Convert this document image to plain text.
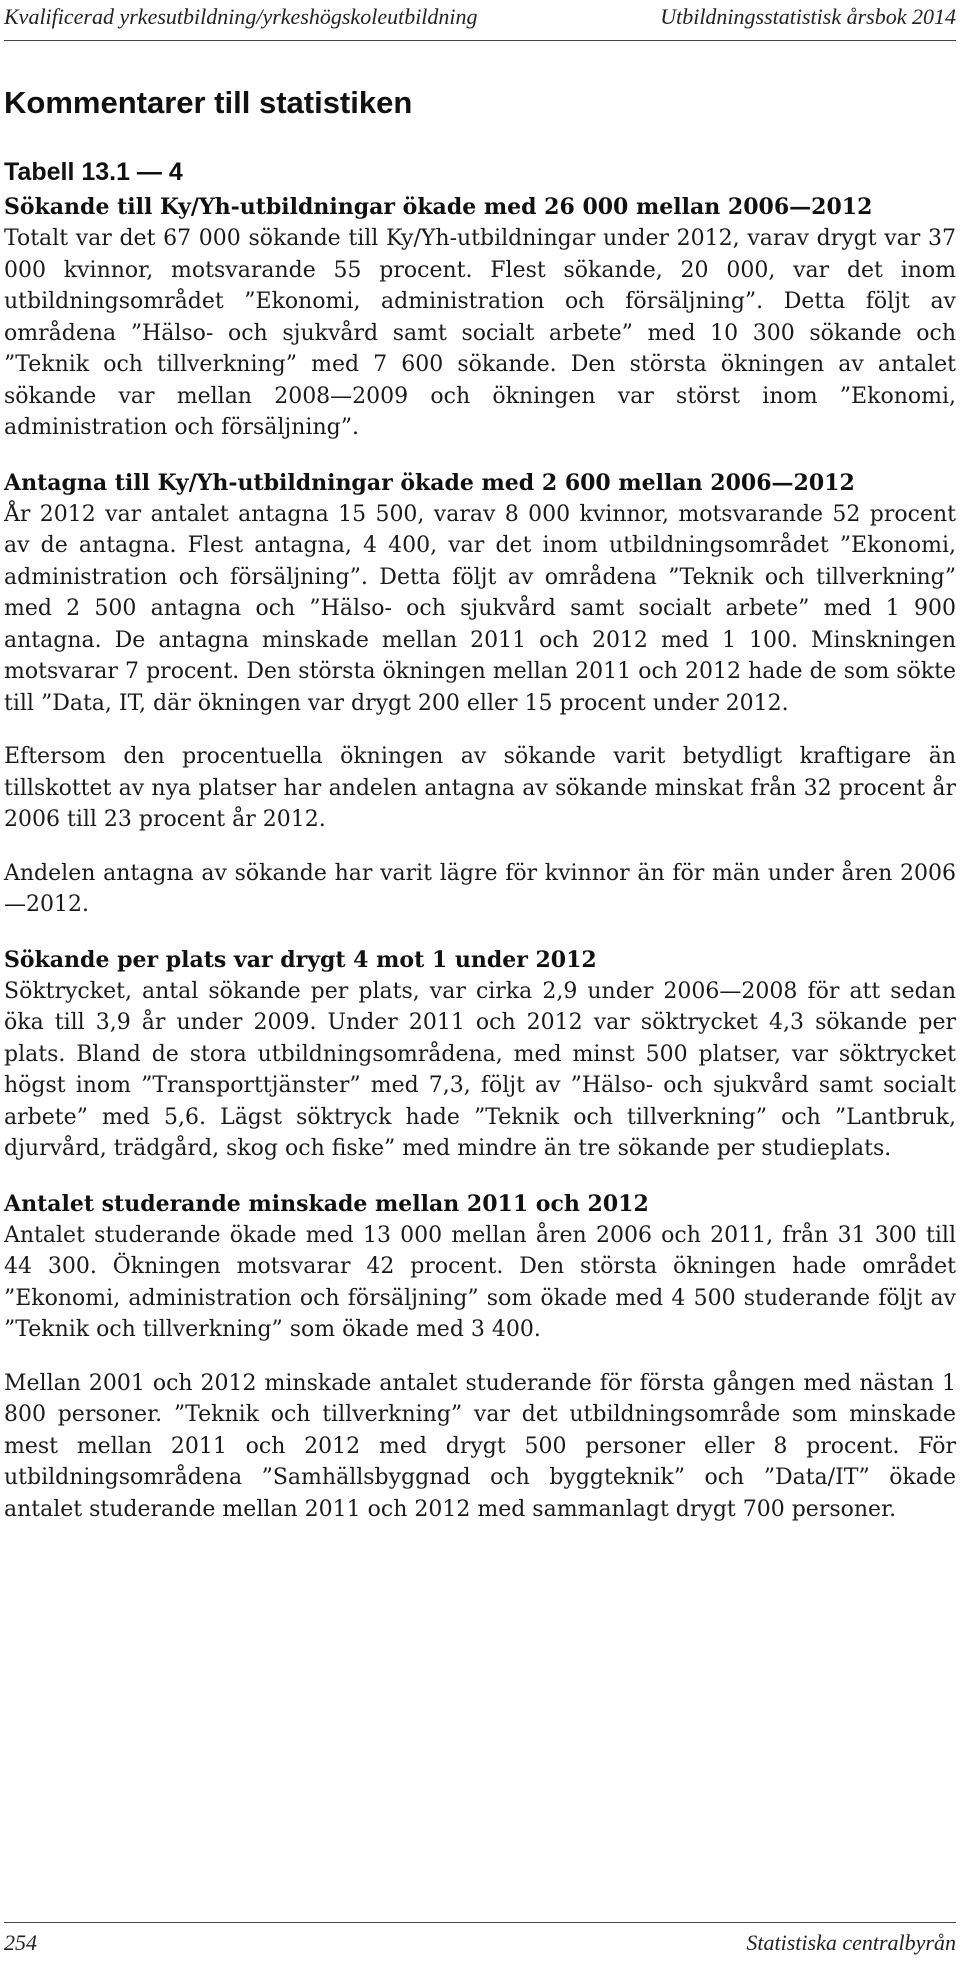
Kvalificerad yrkesutbildning/yrkeshögskoleutbildning	Utbildningsstatistisk årsbok 2014
Kommentarer till statistiken
Tabell 13.1 — 4
Sökande till Ky/Yh-utbildningar ökade med 26 000 mellan 2006—2012

Totalt var det 67 000 sökande till Ky/Yh-utbildningar under 2012, varav drygt var 37 000 kvinnor, motsvarande 55 procent. Flest sökande, 20 000, var det inom utbildningsområdet ”Ekonomi, administration och försäljning”. Detta följt av områdena ”Hälso- och sjukvård samt socialt arbete” med 10 300 sökande och ”Teknik och tillverkning” med 7 600 sökande. Den största ökningen av antalet sökande var mellan 2008—2009 och ökningen var störst inom ”Ekonomi, administration och försäljning”.

Antagna till Ky/Yh-utbildningar ökade med 2 600 mellan 2006—2012

År 2012 var antalet antagna 15 500, varav 8 000 kvinnor, motsvarande 52 procent av de antagna. Flest antagna, 4 400, var det inom utbildningsområdet ”Ekonomi, administration och försäljning”. Detta följt av områdena ”Teknik och tillverkning” med 2 500 antagna och ”Hälso- och sjukvård samt socialt arbete” med 1 900 antagna. De antagna minskade mellan 2011 och 2012 med 1 100. Minskningen motsvarar 7 procent. Den största ökningen mellan 2011 och 2012 hade de som sökte till ”Data, IT, där ökningen var drygt 200 eller 15 procent under 2012.

Eftersom den procentuella ökningen av sökande varit betydligt kraftigare än tillskottet av nya platser har andelen antagna av sökande minskat från 32 procent år 2006 till 23 procent år 2012.

Andelen antagna av sökande har varit lägre för kvinnor än för män under åren 2006—2012.

Sökande per plats var drygt 4 mot 1 under 2012

Söktrycket, antal sökande per plats, var cirka 2,9 under 2006—2008 för att sedan öka till 3,9 år under 2009. Under 2011 och 2012 var söktrycket 4,3 sökande per plats. Bland de stora utbildningsområdena, med minst 500 platser, var söktrycket högst inom ”Transporttjänster” med 7,3, följt av ”Hälso- och sjukvård samt socialt arbete” med 5,6. Lägst söktryck hade ”Teknik och tillverkning” och ”Lantbruk, djurvård, trädgård, skog och fiske” med mindre än tre sökande per studieplats.

Antalet studerande minskade mellan 2011 och 2012

Antalet studerande ökade med 13 000 mellan åren 2006 och 2011, från 31 300 till 44 300. Ökningen motsvarar 42 procent. Den största ökningen hade området ”Ekonomi, administration och försäljning” som ökade med 4 500 studerande följt av ”Teknik och tillverkning” som ökade med 3 400.

Mellan 2001 och 2012 minskade antalet studerande för första gången med nästan 1 800 personer. ”Teknik och tillverkning” var det utbildningsområde som minskade mest mellan 2011 och 2012 med drygt 500 personer eller 8 procent. För utbildningsområdena ”Samhällsbyggnad och byggteknik” och ”Data/IT” ökade antalet studerande mellan 2011 och 2012 med sammanlagt drygt 700 personer.

254	Statistiska centralbyrån
